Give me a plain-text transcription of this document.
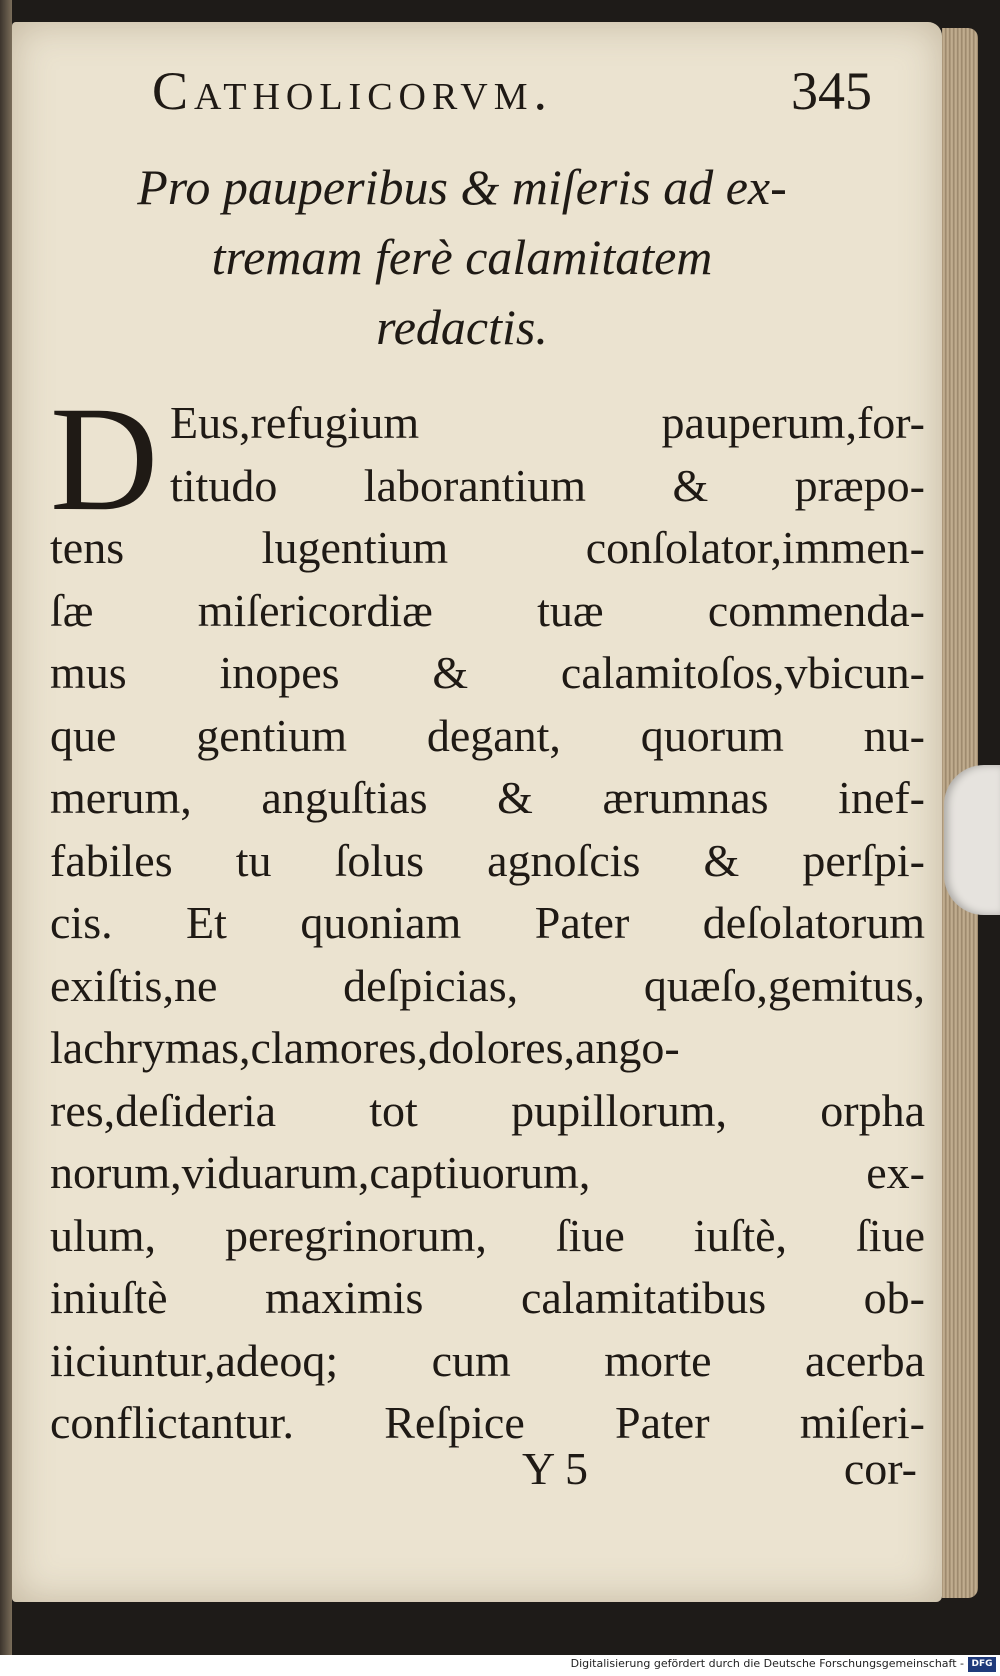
Catholicorvm.	345
Pro pauperibus & miſeris ad ex-
tremam ferè calamitatem
redactis.
D Eus,refugium pauperum,for-
titudo laborantium & præpo-
tens lugentium conſolator,immen-
ſæ miſericordiæ tuæ commenda-
mus inopes & calamitoſos,vbicun-
que gentium degant, quorum nu-
merum, anguſtias & ærumnas inef-
fabiles tu ſolus agnoſcis & perſpi-
cis. Et quoniam Pater deſolatorum
exiſtis,ne deſpicias, quæſo,gemitus,
lachrymas,clamores,dolores,ango-
res,deſideria tot pupillorum, orpha
norum,viduarum,captiuorum, ex-
ulum, peregrinorum, ſiue iuſtè, ſiue
iniuſtè maximis calamitatibus ob-
iiciuntur,adeoq; cum morte acerba
conflictantur. Reſpice Pater miſeri-
Y 5	cor-
Digitalisierung gefördert durch die Deutsche Forschungsgemeinschaft - DFG
